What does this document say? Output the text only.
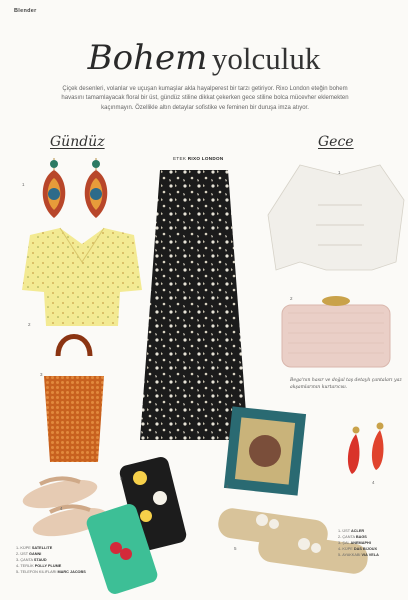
Blender
Bohem yolculuk
Çiçek desenleri, volanlar ve uçuşan kumaşlar akla hayalperest bir tarzı getiriyor. Rixo London eteğin bohem havasını tamamlayacak floral bir üst, gündüz stiline dikkat çekerken gece stiline bolca mücevher eklemekten kaçınmayın. Özellikle altın detaylar sofistike ve feminen bir duruşa imza atıyor.
Gündüz	Gece
ETEK RIXO LONDON
1
2
3
4
5
1
2
3
4
5
Bega'nın hasır ve doğal taş detaylı çantaları yaz akşamlarının kurtarıcısı.
1- KÜPE SATELLITE
2- ÜST GANNI
3- ÇANTA STAUD
4- TERLİK POLLY PLUME
5- TELEFON KILIFLARI MARC JACOBS
1- ÜST ACLER
2- ÇANTA BAGS
3- ŞAL ANEMAPHI
4- KÜPE DAS BIJOUX
5- AYAKKABI VIA VELA
